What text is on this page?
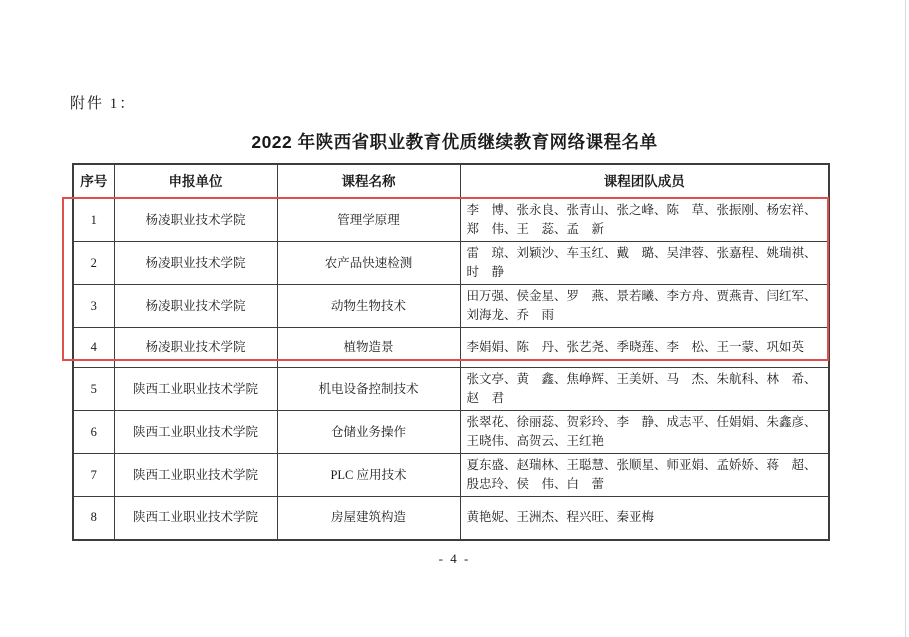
附件 1：
2022 年陕西省职业教育优质继续教育网络课程名单
序号	申报单位	课程名称	课程团队成员
1	杨凌职业技术学院	管理学原理	李　博、张永良、张青山、张之峰、陈　草、张振刚、杨宏祥、郑　伟、王　蕊、孟　新
2	杨凌职业技术学院	农产品快速检测	雷　琼、刘颖沙、车玉红、戴　璐、吴津蓉、张嘉程、姚瑞祺、时　静
3	杨凌职业技术学院	动物生物技术	田万强、侯金星、罗　燕、景若曦、李方舟、贾燕青、闫红军、刘海龙、乔　雨
4	杨凌职业技术学院	植物造景	李娟娟、陈　丹、张艺尧、季晓莲、李　松、王一蒙、巩如英
5	陕西工业职业技术学院	机电设备控制技术	张文亭、黄　鑫、焦峥辉、王美妍、马　杰、朱航科、林　希、赵　君
6	陕西工业职业技术学院	仓储业务操作	张翠花、徐丽蕊、贺彩玲、李　静、成志平、任娟娟、朱鑫彦、王晓伟、高贺云、王红艳
7	陕西工业职业技术学院	PLC 应用技术	夏东盛、赵瑞林、王聪慧、张顺星、师亚娟、孟娇娇、蒋　超、殷忠玲、侯　伟、白　蕾
8	陕西工业职业技术学院	房屋建筑构造	黄艳妮、王洲杰、程兴旺、秦亚梅
- 4 -
